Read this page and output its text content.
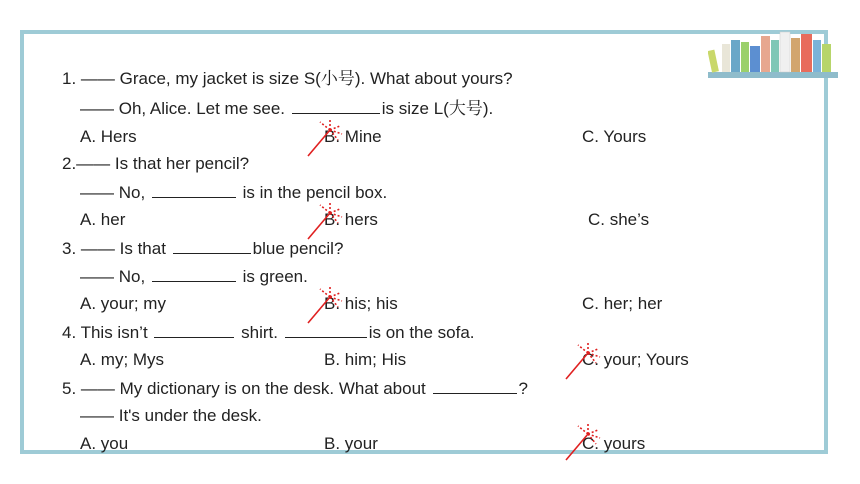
1. —— Grace, my jacket is size S(小号). What about yours?
—— Oh, Alice. Let me see.	is size L(大号).
A. Hers	B. Mine	C. Yours
2.—— Is that her pencil?
—— No,	is in the pencil box.
A. her	B. hers	C. she’s
3. —— Is that	blue pencil?
—— No,	is green.
A. your; my	B. his; his	C. her; her
4. This isn’t	shirt.	is on the sofa.
A. my; Mys	B. him; His	C. your; Yours
5. —— My dictionary is on the desk. What about	?
—— It's under the desk.
A. you	B. your	C. yours
